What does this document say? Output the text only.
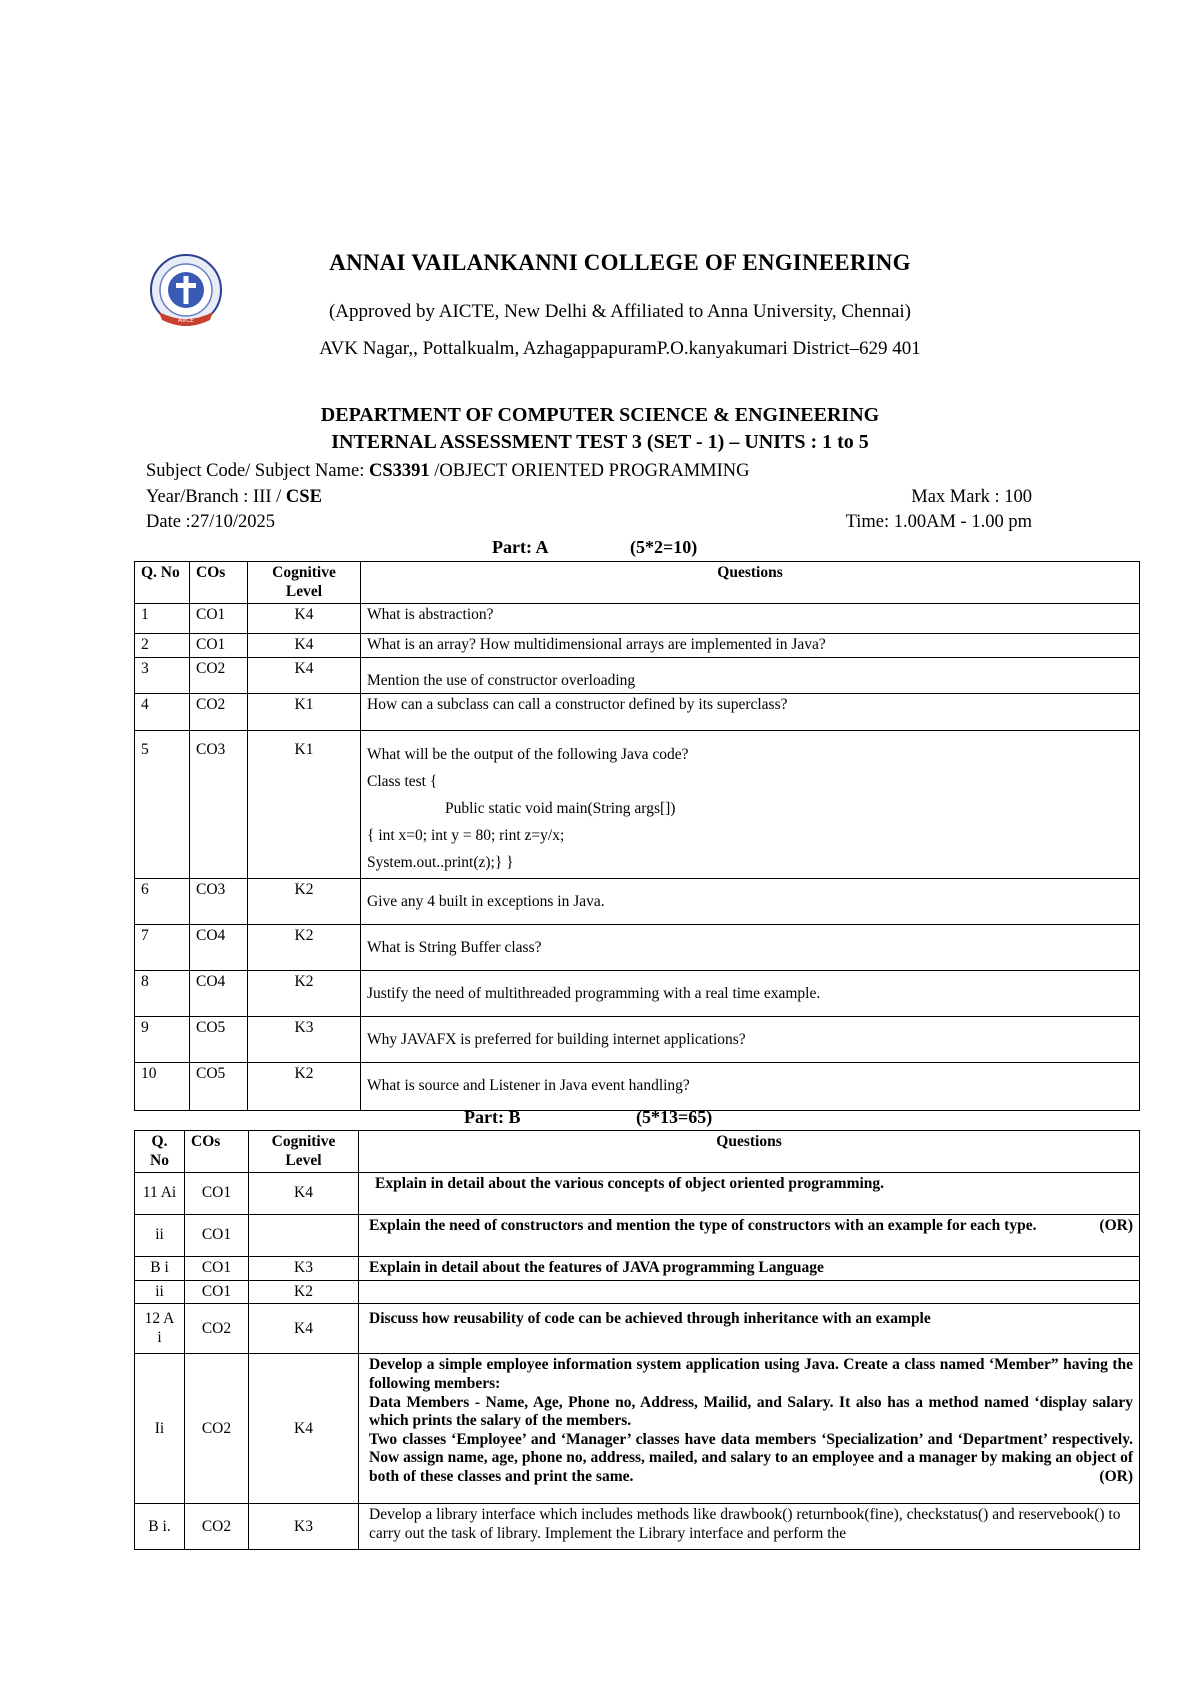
AVCE
ANNAI VAILANKANNI COLLEGE OF ENGINEERING
(Approved by AICTE, New Delhi & Affiliated to Anna University, Chennai)
AVK Nagar,, Pottalkualm, AzhagappapuramP.O.kanyakumari District–629 401
DEPARTMENT OF COMPUTER SCIENCE & ENGINEERING
INTERNAL ASSESSMENT TEST 3 (SET - 1) – UNITS : 1 to 5
Subject Code/ Subject Name: CS3391 /OBJECT ORIENTED PROGRAMMING
Year/Branch : III / CSE	Max Mark : 100
Date :27/10/2025	Time: 1.00AM - 1.00 pm
Part: A	(5*2=10)
Q. No	COs	Cognitive Level	Questions
1	CO1	K4	What is abstraction?
2	CO1	K4	What is an array? How multidimensional arrays are implemented in Java?
3	CO2	K4	Mention the use of constructor overloading
4	CO2	K1	How can a subclass can call a constructor defined by its superclass?
5	CO3	K1	What will be the output of the following Java code?
Class test {
Public static void main(String args[])
{ int x=0; int y = 80; rint z=y/x;
System.out..print(z);} }

6	CO3	K2	Give any 4 built in exceptions in Java.
7	CO4	K2	What is String Buffer class?
8	CO4	K2	Justify the need of multithreaded programming with a real time example.
9	CO5	K3	Why JAVAFX is preferred for building internet applications?
10	CO5	K2	What is source and Listener in Java event handling?
Part: B	(5*13=65)
Q. No	COs	Cognitive Level	Questions
11 Ai	CO1	K4	Explain in detail about the various concepts of object oriented programming.
ii	CO1		Explain the need of constructors and mention the type of constructors with an example for each type. (OR)

B i	CO1	K3	Explain in detail about the features of JAVA programming Language
ii	CO1	K2	
12 A i	CO2	K4	Discuss how reusability of code can be achieved through inheritance with an example
Ii	CO2	K4	Develop a simple employee information system application using Java. Create a class named ‘Member” having the following members:
Data Members - Name, Age, Phone no, Address, Mailid, and Salary. It also has a method named ‘display salary which prints the salary of the members.
Two classes ‘Employee’ and ‘Manager’ classes have data members ‘Specialization’ and ‘Department’ respectively. Now assign name, age, phone no, address, mailed, and salary to an employee and a manager by making an object of both of these classes and print the same. (OR)

B i.	CO2	K3	Develop a library interface which includes methods like drawbook() returnbook(fine), checkstatus() and reservebook() to carry out the task of library. Implement the Library interface and perform the
